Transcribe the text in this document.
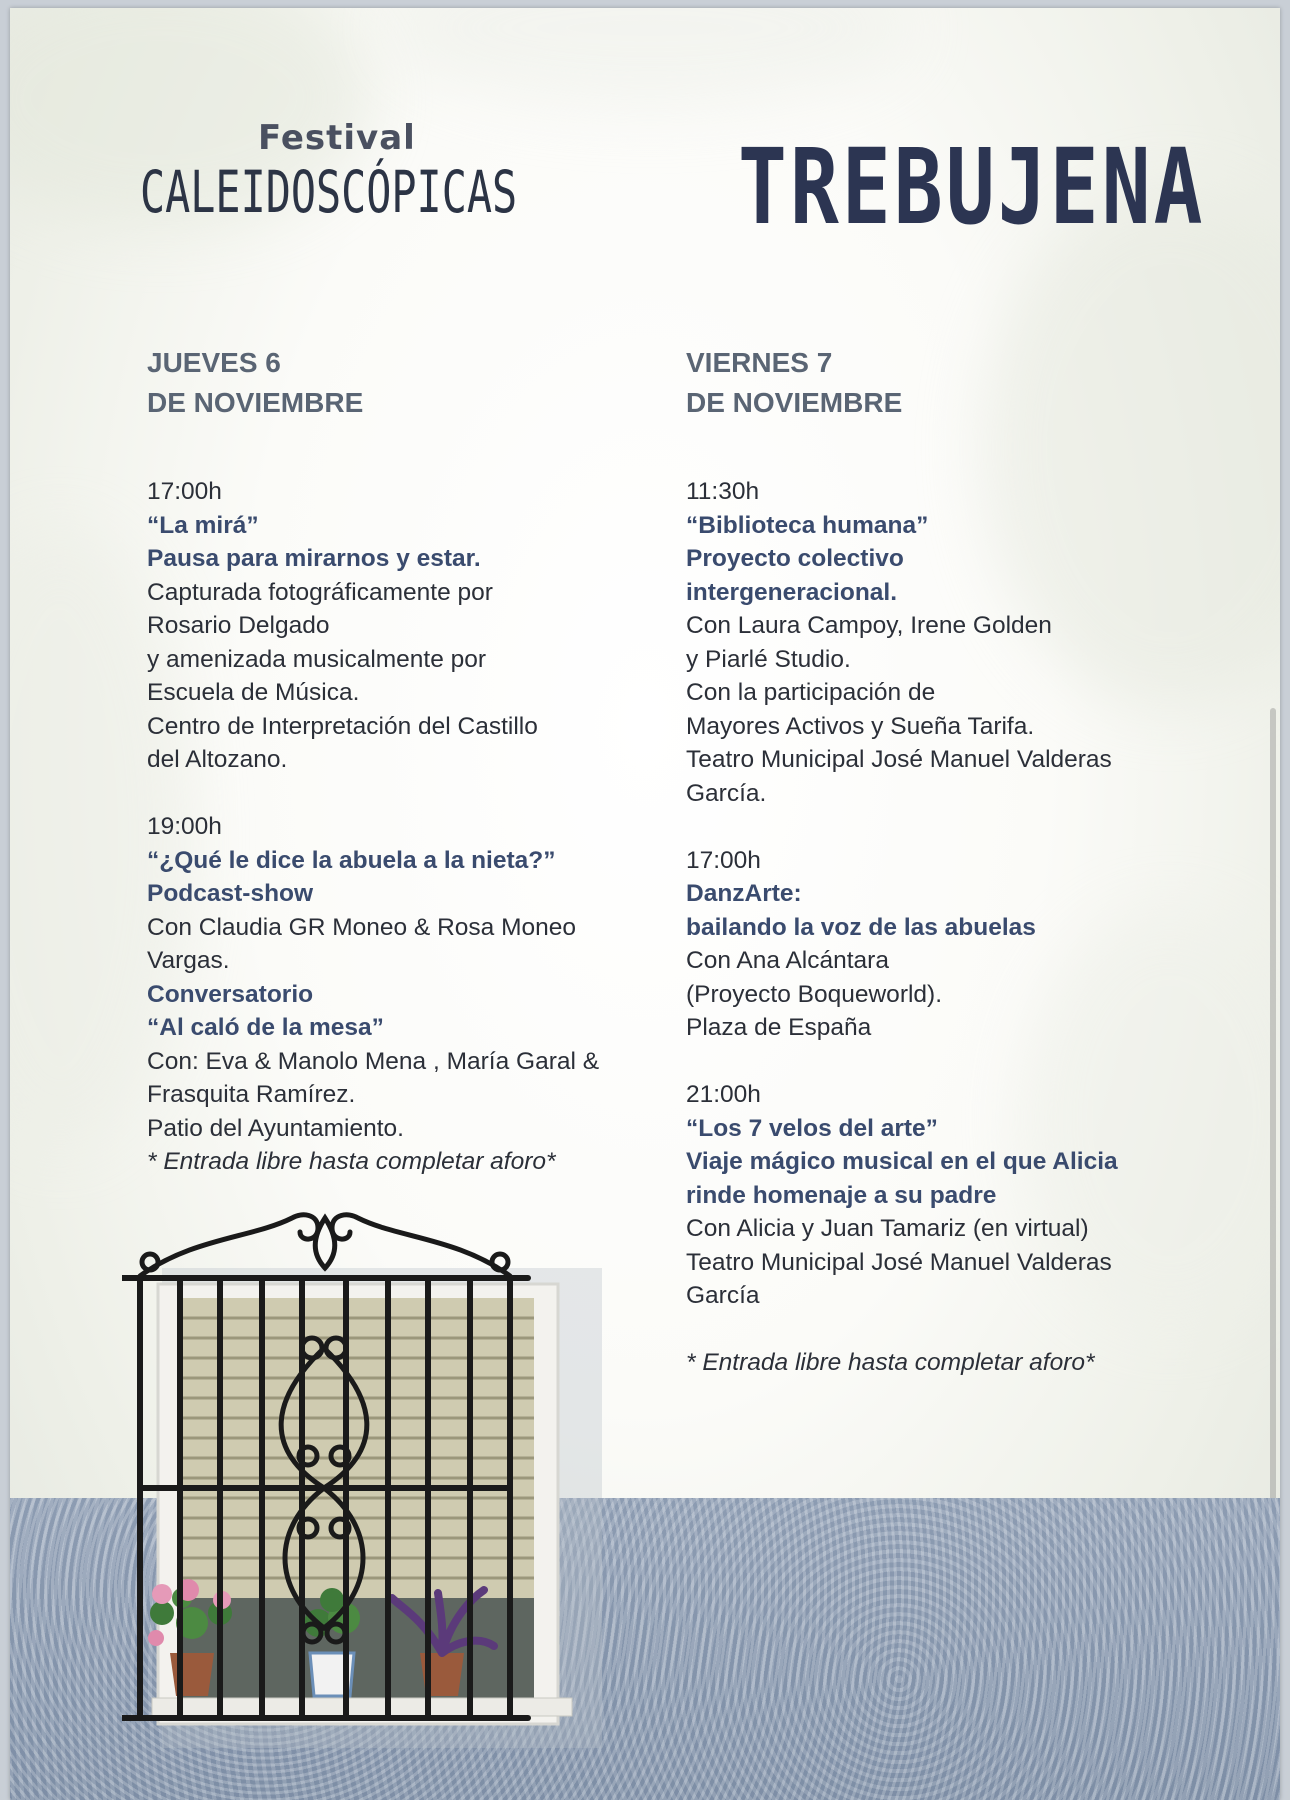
Festival
CALEIDOSCÓPICAS TREBUJENA
JUEVES 6
DE NOVIEMBRE
17:00h
“La mirá”
Pausa para mirarnos y estar.
Capturada fotográficamente por
Rosario Delgado
y amenizada musicalmente por
Escuela de Música.
Centro de Interpretación del Castillo
del Altozano.
19:00h
“¿Qué le dice la abuela a la nieta?”
Podcast-show
Con Claudia GR Moneo & Rosa Moneo
Vargas.
Conversatorio
“Al caló de la mesa”
Con: Eva & Manolo Mena , María Garal &
Frasquita Ramírez.
Patio del Ayuntamiento.
* Entrada libre hasta completar aforo*
VIERNES 7
DE NOVIEMBRE
11:30h
“Biblioteca humana”
Proyecto colectivo
intergeneracional.
Con Laura Campoy, Irene Golden
y Piarlé Studio.
Con la participación de
Mayores Activos y Sueña Tarifa.
Teatro Municipal José Manuel Valderas
García.
17:00h
DanzArte:
bailando la voz de las abuelas
Con Ana Alcántara
(Proyecto Boqueworld).
Plaza de España
21:00h
“Los 7 velos del arte”
Viaje mágico musical en el que Alicia
rinde homenaje a su padre
Con Alicia y Juan Tamariz (en virtual)
Teatro Municipal José Manuel Valderas
García
* Entrada libre hasta completar aforo*
